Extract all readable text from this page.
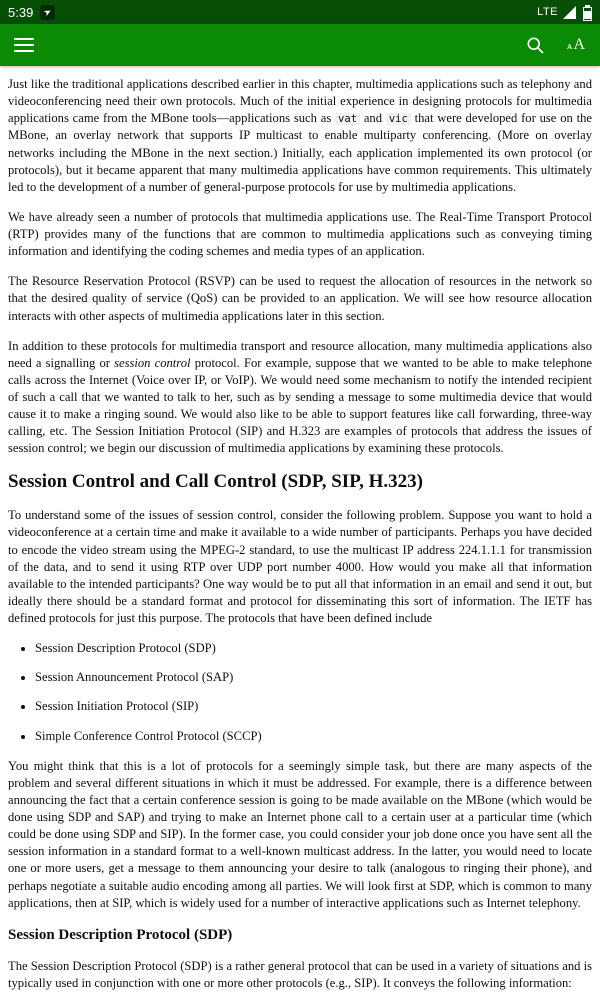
5:39 ➤	LTE
ᴀA

Just like the traditional applications described earlier in this chapter, multimedia applications such as telephony and videoconferencing need their own protocols. Much of the initial experience in designing protocols for multimedia applications came from the MBone tools—applications such as vat and vic that were developed for use on the MBone, an overlay network that supports IP multicast to enable multiparty conferencing. (More on overlay networks including the MBone in the next section.) Initially, each application implemented its own protocol (or protocols), but it became apparent that many multimedia applications have common requirements. This ultimately led to the development of a number of general-purpose protocols for use by multimedia applications.

We have already seen a number of protocols that multimedia applications use. The Real-Time Transport Protocol (RTP) provides many of the functions that are common to multimedia applications such as conveying timing information and identifying the coding schemes and media types of an application.

The Resource Reservation Protocol (RSVP) can be used to request the allocation of resources in the network so that the desired quality of service (QoS) can be provided to an application. We will see how resource allocation interacts with other aspects of multimedia applications later in this section.

In addition to these protocols for multimedia transport and resource allocation, many multimedia applications also need a signalling or session control protocol. For example, suppose that we wanted to be able to make telephone calls across the Internet (Voice over IP, or VoIP). We would need some mechanism to notify the intended recipient of such a call that we wanted to talk to her, such as by sending a message to some multimedia device that would cause it to make a ringing sound. We would also like to be able to support features like call forwarding, three-way calling, etc. The Session Initiation Protocol (SIP) and H.323 are examples of protocols that address the issues of session control; we begin our discussion of multimedia applications by examining these protocols.

Session Control and Call Control (SDP, SIP, H.323)

To understand some of the issues of session control, consider the following problem. Suppose you want to hold a videoconference at a certain time and make it available to a wide number of participants. Perhaps you have decided to encode the video stream using the MPEG-2 standard, to use the multicast IP address 224.1.1.1 for transmission of the data, and to send it using RTP over UDP port number 4000. How would you make all that information available to the intended participants? One way would be to put all that information in an email and send it out, but ideally there should be a standard format and protocol for disseminating this sort of information. The IETF has defined protocols for just this purpose. The protocols that have been defined include

• Session Description Protocol (SDP)
• Session Announcement Protocol (SAP)
• Session Initiation Protocol (SIP)
• Simple Conference Control Protocol (SCCP)

You might think that this is a lot of protocols for a seemingly simple task, but there are many aspects of the problem and several different situations in which it must be addressed. For example, there is a difference between announcing the fact that a certain conference session is going to be made available on the MBone (which would be done using SDP and SAP) and trying to make an Internet phone call to a certain user at a particular time (which could be done using SDP and SIP). In the former case, you could consider your job done once you have sent all the session information in a standard format to a well-known multicast address. In the latter, you would need to locate one or more users, get a message to them announcing your desire to talk (analogous to ringing their phone), and perhaps negotiate a suitable audio encoding among all parties. We will look first at SDP, which is common to many applications, then at SIP, which is widely used for a number of interactive applications such as Internet telephony.

Session Description Protocol (SDP)

The Session Description Protocol (SDP) is a rather general protocol that can be used in a variety of situations and is typically used in conjunction with one or more other protocols (e.g., SIP). It conveys the following information:
